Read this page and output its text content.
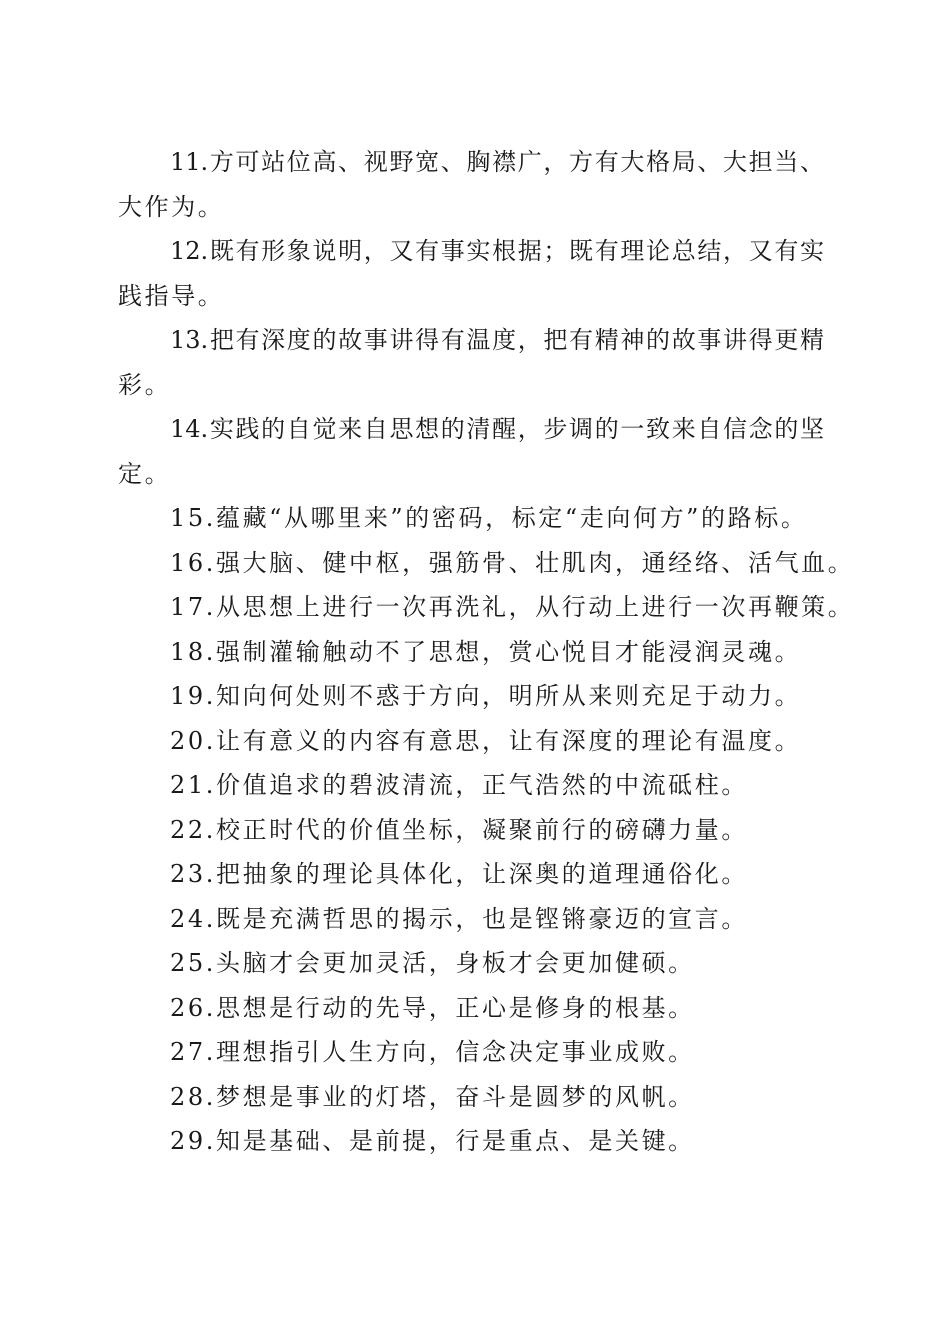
11.方可站位高、视野宽、胸襟广，方有大格局、大担当、
大作为。
12.既有形象说明，又有事实根据；既有理论总结，又有实
践指导。
13.把有深度的故事讲得有温度，把有精神的故事讲得更精
彩。
14.实践的自觉来自思想的清醒，步调的一致来自信念的坚
定。
15.蕴藏“从哪里来”的密码，标定“走向何方”的路标。
16.强大脑、健中枢，强筋骨、壮肌肉，通经络、活气血。
17.从思想上进行一次再洗礼，从行动上进行一次再鞭策。
18.强制灌输触动不了思想，赏心悦目才能浸润灵魂。
19.知向何处则不惑于方向，明所从来则充足于动力。
20.让有意义的内容有意思，让有深度的理论有温度。
21.价值追求的碧波清流，正气浩然的中流砥柱。
22.校正时代的价值坐标，凝聚前行的磅礴力量。
23.把抽象的理论具体化，让深奥的道理通俗化。
24.既是充满哲思的揭示，也是铿锵豪迈的宣言。
25.头脑才会更加灵活，身板才会更加健硕。
26.思想是行动的先导，正心是修身的根基。
27.理想指引人生方向，信念决定事业成败。
28.梦想是事业的灯塔，奋斗是圆梦的风帆。
29.知是基础、是前提，行是重点、是关键。
